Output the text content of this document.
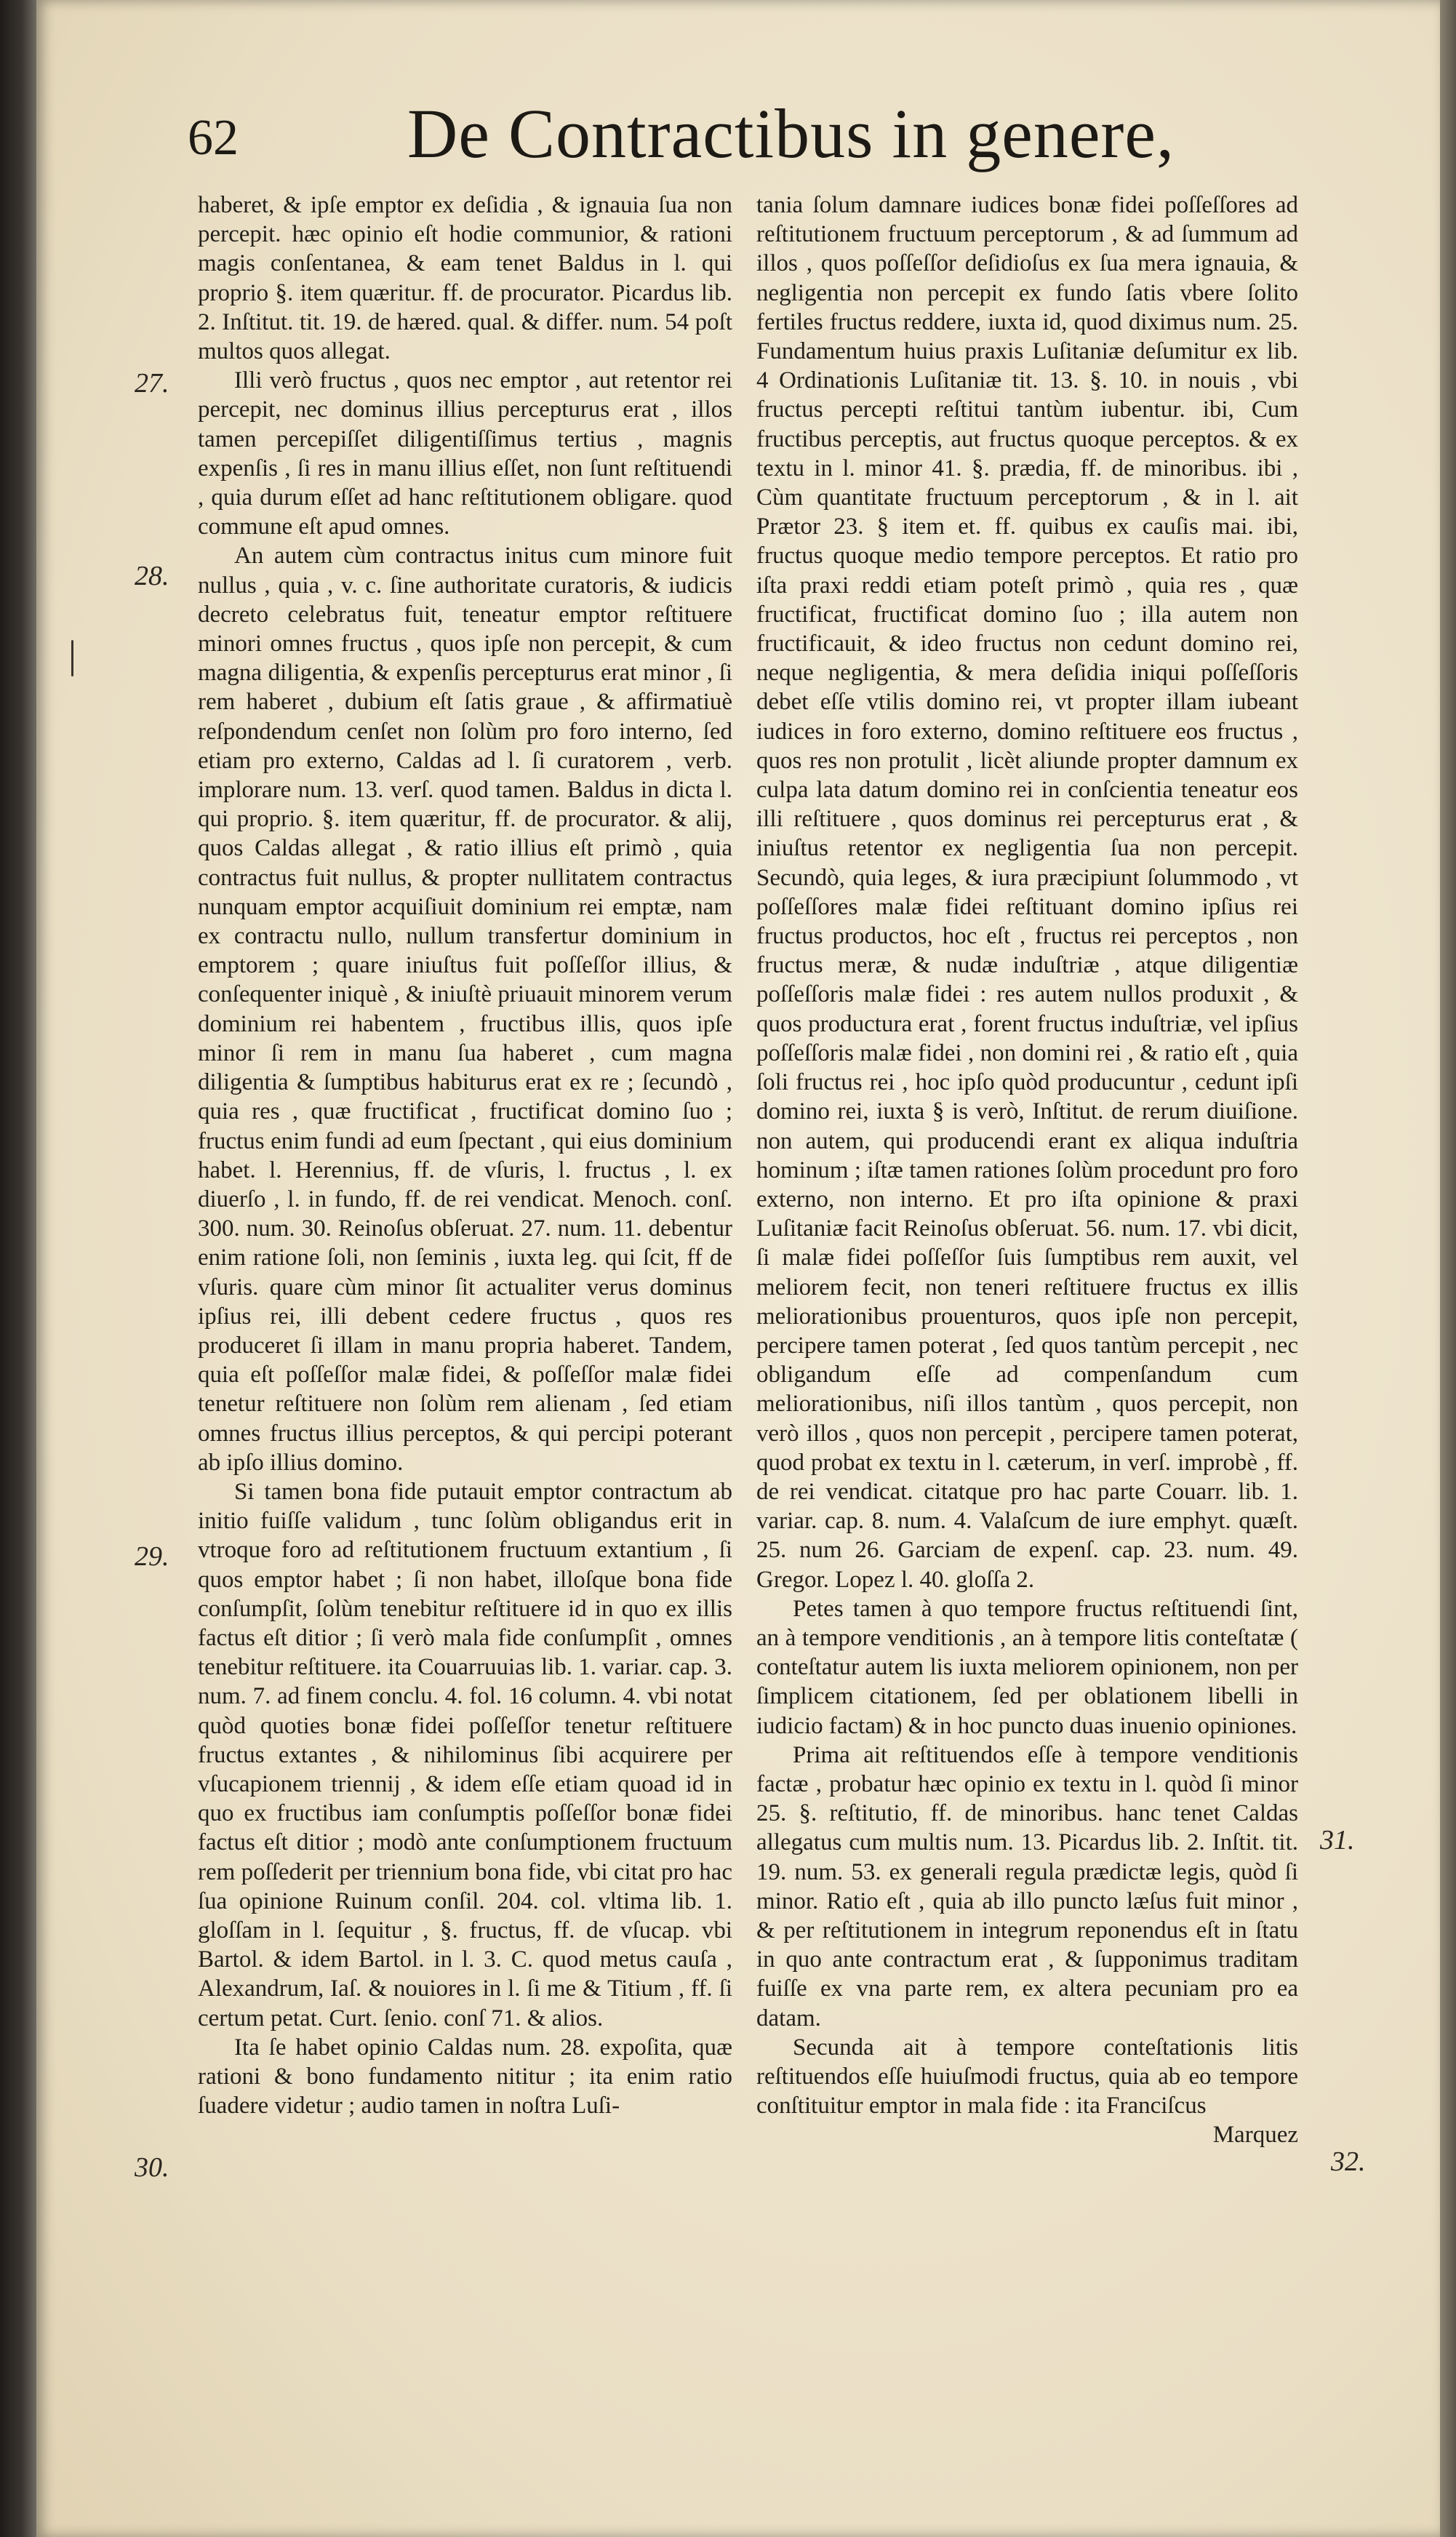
62 De Contractibus in genere,
27.
28.
29.
30.
31.
32.

haberet, & ipſe emptor ex deſidia , & ignauia ſua non percepit. hæc opinio eſt hodie communior, & rationi magis conſentanea, & eam tenet Baldus in l. qui proprio §. item quæritur. ff. de procurator. Picardus lib. 2. Inſtitut. tit. 19. de hæred. qual. & differ. num. 54 poſt multos quos allegat.

Illi verò fructus , quos nec emptor , aut retentor rei percepit, nec dominus illius percepturus erat , illos tamen percepiſſet diligentiſſimus tertius , magnis expenſis , ſi res in manu illius eſſet, non ſunt reſtituendi , quia durum eſſet ad hanc reſtitutionem obligare. quod commune eſt apud omnes.

An autem cùm contractus initus cum minore fuit nullus , quia , v. c. ſine authoritate curatoris, & iudicis decreto celebratus fuit, teneatur emptor reſtituere minori omnes fructus , quos ipſe non percepit, & cum magna diligentia, & expenſis percepturus erat minor , ſi rem haberet , dubium eſt ſatis graue , & affirmatiuè reſpondendum cenſet non ſolùm pro foro interno, ſed etiam pro externo, Caldas ad l. ſi curatorem , verb. implorare num. 13. verſ. quod tamen. Baldus in dicta l. qui proprio. §. item quæritur, ff. de procurator. & alij, quos Caldas allegat , & ratio illius eſt primò , quia contractus fuit nullus, & propter nullitatem contractus nunquam emptor acquiſiuit dominium rei emptæ, nam ex contractu nullo, nullum transfertur dominium in emptorem ; quare iniuſtus fuit poſſeſſor illius, & conſequenter iniquè , & iniuſtè priuauit minorem verum dominium rei habentem , fructibus illis, quos ipſe minor ſi rem in manu ſua haberet , cum magna diligentia & ſumptibus habiturus erat ex re ; ſecundò , quia res , quæ fructificat , fructificat domino ſuo ; fructus enim fundi ad eum ſpectant , qui eius dominium habet. l. Herennius, ff. de vſuris, l. fructus , l. ex diuerſo , l. in fundo, ff. de rei vendicat. Menoch. conſ. 300. num. 30. Reinoſus obſeruat. 27. num. 11. debentur enim ratione ſoli, non ſeminis , iuxta leg. qui ſcit, ff de vſuris. quare cùm minor ſit actualiter verus dominus ipſius rei, illi debent cedere fructus , quos res produceret ſi illam in manu propria haberet. Tandem, quia eſt poſſeſſor malæ fidei, & poſſeſſor malæ fidei tenetur reſtituere non ſolùm rem alienam , ſed etiam omnes fructus illius perceptos, & qui percipi poterant ab ipſo illius domino.

Si tamen bona fide putauit emptor contractum ab initio fuiſſe validum , tunc ſolùm obligandus erit in vtroque foro ad reſtitutionem fructuum extantium , ſi quos emptor habet ; ſi non habet, illoſque bona fide conſumpſit, ſolùm tenebitur reſtituere id in quo ex illis factus eſt ditior ; ſi verò mala fide conſumpſit , omnes tenebitur reſtituere. ita Couarruuias lib. 1. variar. cap. 3. num. 7. ad finem conclu. 4. fol. 16 column. 4. vbi notat quòd quoties bonæ fidei poſſeſſor tenetur reſtituere fructus extantes , & nihilominus ſibi acquirere per vſucapionem triennij , & idem eſſe etiam quoad id in quo ex fructibus iam conſumptis poſſeſſor bonæ fidei factus eſt ditior ; modò ante conſumptionem fructuum rem poſſederit per triennium bona fide, vbi citat pro hac ſua opinione Ruinum conſil. 204. col. vltima lib. 1. gloſſam in l. ſequitur , §. fructus, ff. de vſucap. vbi Bartol. & idem Bartol. in l. 3. C. quod metus cauſa , Alexandrum, Iaſ. & nouiores in l. ſi me & Titium , ff. ſi certum petat. Curt. ſenio. conſ 71. & alios.

Ita ſe habet opinio Caldas num. 28. expoſita, quæ rationi & bono fundamento nititur ; ita enim ratio ſuadere videtur ; audio tamen in noſtra Luſi-

tania ſolum damnare iudices bonæ fidei poſſeſſores ad reſtitutionem fructuum perceptorum , & ad ſummum ad illos , quos poſſeſſor deſidioſus ex ſua mera ignauia, & negligentia non percepit ex fundo ſatis vbere ſolito fertiles fructus reddere, iuxta id, quod diximus num. 25. Fundamentum huius praxis Luſitaniæ deſumitur ex lib. 4 Ordinationis Luſitaniæ tit. 13. §. 10. in nouis , vbi fructus percepti reſtitui tantùm iubentur. ibi, Cum fructibus perceptis, aut fructus quoque perceptos. & ex textu in l. minor 41. §. prædia, ff. de minoribus. ibi , Cùm quantitate fructuum perceptorum , & in l. ait Prætor 23. § item et. ff. quibus ex cauſis mai. ibi, fructus quoque medio tempore perceptos. Et ratio pro iſta praxi reddi etiam poteſt primò , quia res , quæ fructificat, fructificat domino ſuo ; illa autem non fructificauit, & ideo fructus non cedunt domino rei, neque negligentia, & mera deſidia iniqui poſſeſſoris debet eſſe vtilis domino rei, vt propter illam iubeant iudices in foro externo, domino reſtituere eos fructus , quos res non protulit , licèt aliunde propter damnum ex culpa lata datum domino rei in conſcientia teneatur eos illi reſtituere , quos dominus rei percepturus erat , & iniuſtus retentor ex negligentia ſua non percepit. Secundò, quia leges, & iura præcipiunt ſolummodo , vt poſſeſſores malæ fidei reſtituant domino ipſius rei fructus productos, hoc eſt , fructus rei perceptos , non fructus meræ, & nudæ induſtriæ , atque diligentiæ poſſeſſoris malæ fidei : res autem nullos produxit , & quos productura erat , forent fructus induſtriæ, vel ipſius poſſeſſoris malæ fidei , non domini rei , & ratio eſt , quia ſoli fructus rei , hoc ipſo quòd producuntur , cedunt ipſi domino rei, iuxta § is verò, Inſtitut. de rerum diuiſione. non autem, qui producendi erant ex aliqua induſtria hominum ; iſtæ tamen rationes ſolùm procedunt pro foro externo, non interno. Et pro iſta opinione & praxi Luſitaniæ facit Reinoſus obſeruat. 56. num. 17. vbi dicit, ſi malæ fidei poſſeſſor ſuis ſumptibus rem auxit, vel meliorem fecit, non teneri reſtituere fructus ex illis meliorationibus prouenturos, quos ipſe non percepit, percipere tamen poterat , ſed quos tantùm percepit , nec obligandum eſſe ad compenſandum cum meliorationibus, niſi illos tantùm , quos percepit, non verò illos , quos non percepit , percipere tamen poterat, quod probat ex textu in l. cæterum, in verſ. improbè , ff. de rei vendicat. citatque pro hac parte Couarr. lib. 1. variar. cap. 8. num. 4. Valaſcum de iure emphyt. quæſt. 25. num 26. Garciam de expenſ. cap. 23. num. 49. Gregor. Lopez l. 40. gloſſa 2.

Petes tamen à quo tempore fructus reſtituendi ſint, an à tempore venditionis , an à tempore litis conteſtatæ ( conteſtatur autem lis iuxta meliorem opinionem, non per ſimplicem citationem, ſed per oblationem libelli in iudicio factam) & in hoc puncto duas inuenio opiniones.

Prima ait reſtituendos eſſe à tempore venditionis factæ , probatur hæc opinio ex textu in l. quòd ſi minor 25. §. reſtitutio, ff. de minoribus. hanc tenet Caldas allegatus cum multis num. 13. Picardus lib. 2. Inſtit. tit. 19. num. 53. ex generali regula prædictæ legis, quòd ſi minor. Ratio eſt , quia ab illo puncto læſus fuit minor , & per reſtitutionem in integrum reponendus eſt in ſtatu in quo ante contractum erat , & ſupponimus traditam fuiſſe ex vna parte rem, ex altera pecuniam pro ea datam.

Secunda ait à tempore conteſtationis litis reſtituendos eſſe huiuſmodi fructus, quia ab eo tempore conſtituitur emptor in mala fide : ita Franciſcus

Marquez
